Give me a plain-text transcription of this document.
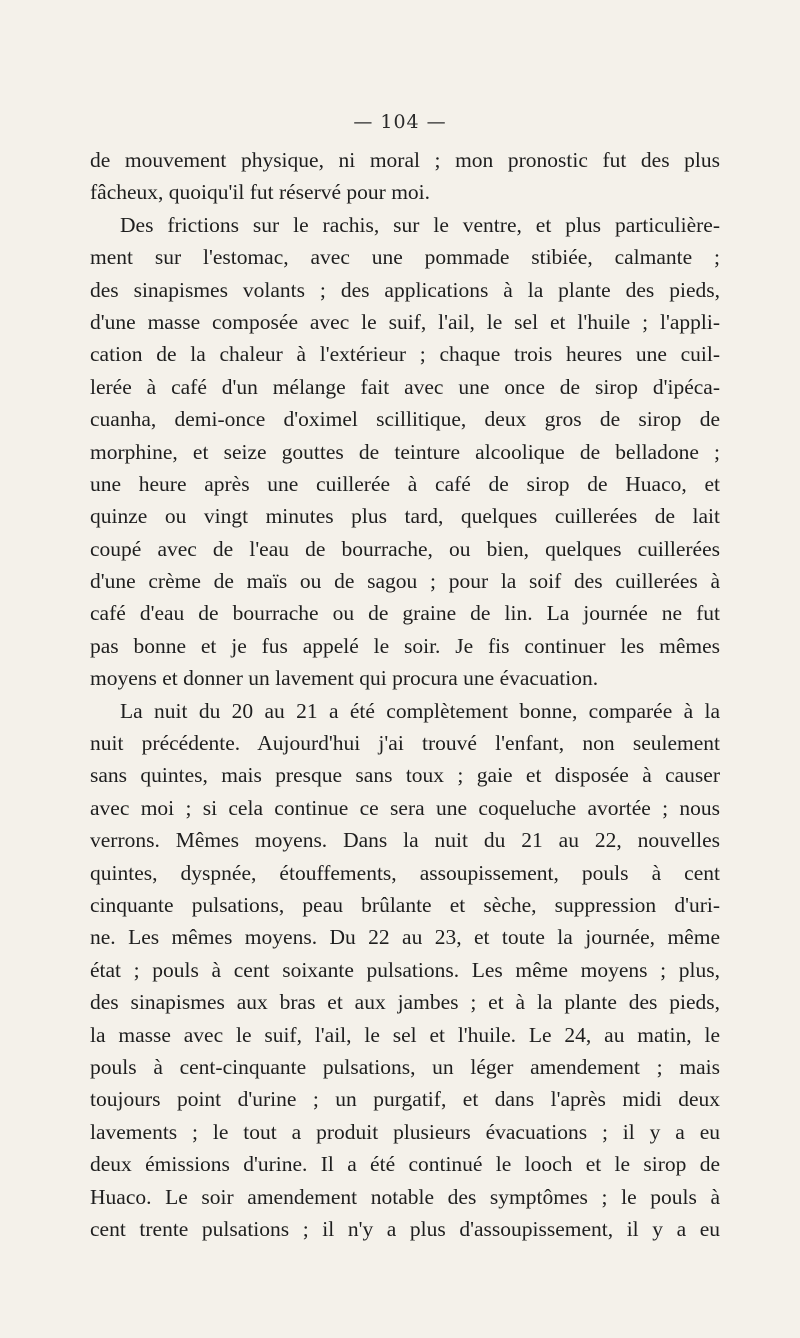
— 104 —
de mouvement physique, ni moral ; mon pronostic fut des plus
fâcheux, quoiqu'il fut réservé pour moi.
Des frictions sur le rachis, sur le ventre, et plus particulière-
ment sur l'estomac, avec une pommade stibiée, calmante ;
des sinapismes volants ; des applications à la plante des pieds,
d'une masse composée avec le suif, l'ail, le sel et l'huile ; l'appli-
cation de la chaleur à l'extérieur ; chaque trois heures une cuil-
lerée à café d'un mélange fait avec une once de sirop d'ipéca-
cuanha, demi-once d'oximel scillitique, deux gros de sirop de
morphine, et seize gouttes de teinture alcoolique de belladone ;
une heure après une cuillerée à café de sirop de Huaco, et
quinze ou vingt minutes plus tard, quelques cuillerées de lait
coupé avec de l'eau de bourrache, ou bien, quelques cuillerées
d'une crème de maïs ou de sagou ; pour la soif des cuillerées à
café d'eau de bourrache ou de graine de lin. La journée ne fut
pas bonne et je fus appelé le soir. Je fis continuer les mêmes
moyens et donner un lavement qui procura une évacuation.
La nuit du 20 au 21 a été complètement bonne, comparée à la
nuit précédente. Aujourd'hui j'ai trouvé l'enfant, non seulement
sans quintes, mais presque sans toux ; gaie et disposée à causer
avec moi ; si cela continue ce sera une coqueluche avortée ; nous
verrons. Mêmes moyens. Dans la nuit du 21 au 22, nouvelles
quintes, dyspnée, étouffements, assoupissement, pouls à cent
cinquante pulsations, peau brûlante et sèche, suppression d'uri-
ne. Les mêmes moyens. Du 22 au 23, et toute la journée, même
état ; pouls à cent soixante pulsations. Les même moyens ; plus,
des sinapismes aux bras et aux jambes ; et à la plante des pieds,
la masse avec le suif, l'ail, le sel et l'huile. Le 24, au matin, le
pouls à cent-cinquante pulsations, un léger amendement ; mais
toujours point d'urine ; un purgatif, et dans l'après midi deux
lavements ; le tout a produit plusieurs évacuations ; il y a eu
deux émissions d'urine. Il a été continué le looch et le sirop de
Huaco. Le soir amendement notable des symptômes ; le pouls à
cent trente pulsations ; il n'y a plus d'assoupissement, il y a eu
